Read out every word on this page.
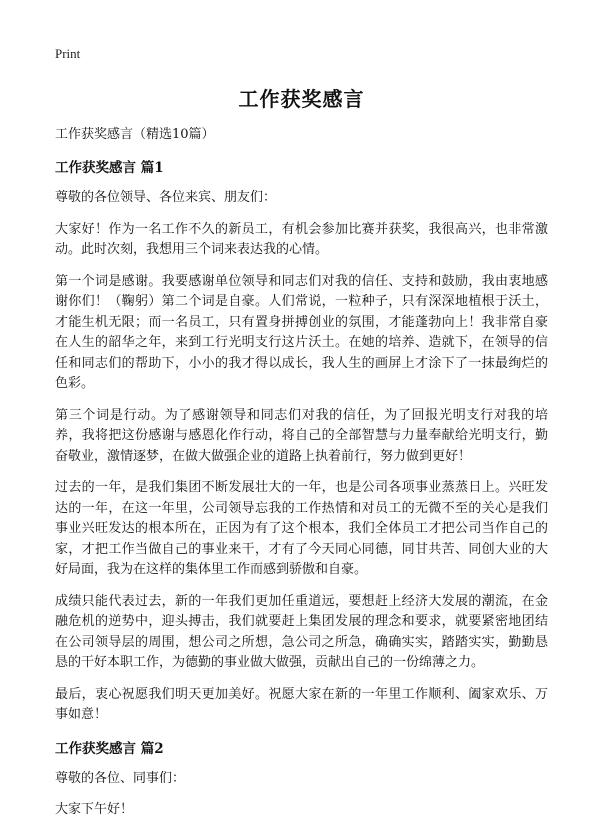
Print
工作获奖感言
工作获奖感言（精选10篇）
工作获奖感言 篇1

尊敬的各位领导、各位来宾、朋友们：

大家好！作为一名工作不久的新员工，有机会参加比赛并获奖，我很高兴，也非常激动。此时次刻，我想用三个词来表达我的心情。

第一个词是感谢。我要感谢单位领导和同志们对我的信任、支持和鼓励，我由衷地感谢你们！（鞠躬）第二个词是自豪。人们常说，一粒种子，只有深深地植根于沃土，才能生机无限；而一名员工，只有置身拼搏创业的氛围，才能蓬勃向上！我非常自豪在人生的韶华之年，来到工行光明支行这片沃土。在她的培养、造就下，在领导的信任和同志们的帮助下，小小的我才得以成长，我人生的画屏上才涂下了一抹最绚烂的色彩。

第三个词是行动。为了感谢领导和同志们对我的信任，为了回报光明支行对我的培养，我将把这份感谢与感恩化作行动，将自己的全部智慧与力量奉献给光明支行，勤奋敬业，激情逐梦，在做大做强企业的道路上执着前行，努力做到更好！

过去的一年，是我们集团不断发展壮大的一年，也是公司各项事业蒸蒸日上。兴旺发达的一年，在这一年里，公司领导忘我的工作热情和对员工的无微不至的关心是我们事业兴旺发达的根本所在，正因为有了这个根本，我们全体员工才把公司当作自己的家，才把工作当做自己的事业来干，才有了今天同心同德，同甘共苦、同创大业的大好局面，我为在这样的集体里工作而感到骄傲和自豪。

成绩只能代表过去，新的一年我们更加任重道远，要想赶上经济大发展的潮流，在金融危机的逆势中，迎头搏击，我们就要赶上集团发展的理念和要求，就要紧密地团结在公司领导层的周围，想公司之所想，急公司之所急，确确实实，踏踏实实，勤勤恳恳的干好本职工作，为德勤的事业做大做强，贡献出自己的一份绵薄之力。

最后，衷心祝愿我们明天更加美好。祝愿大家在新的一年里工作顺利、阖家欢乐、万事如意！

工作获奖感言 篇2

尊敬的各位、同事们：

大家下午好！
